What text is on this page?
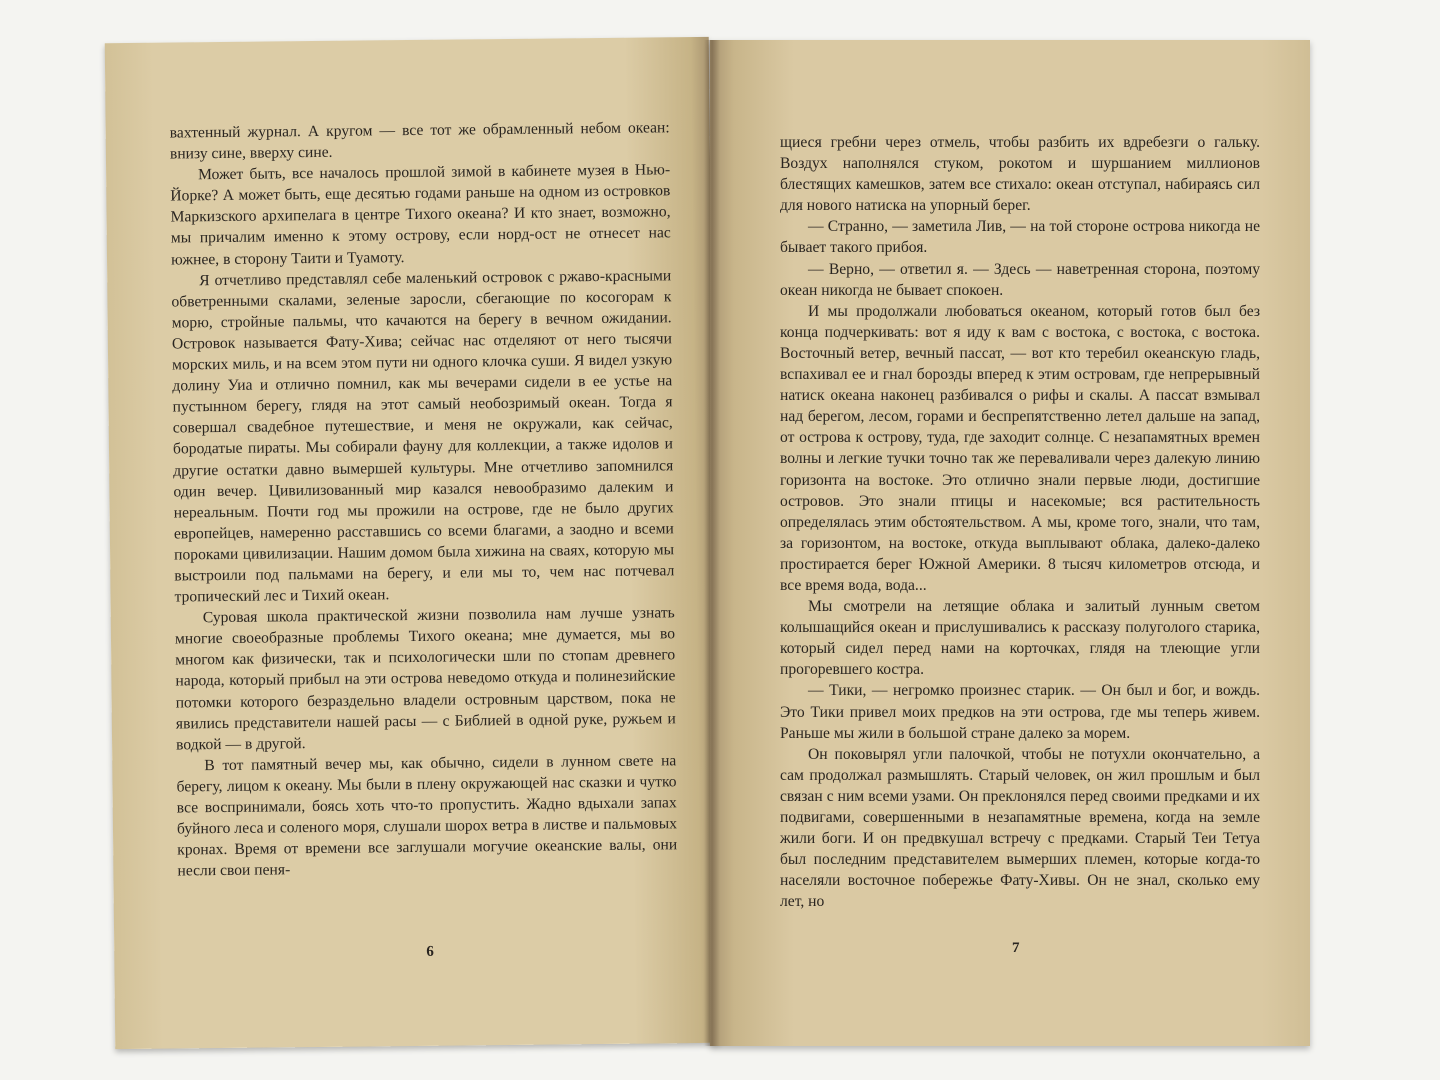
вахтенный журнал. А кругом — все тот же обрамленный небом океан: внизу сине, вверху сине.

Может быть, все началось прошлой зимой в кабинете музея в Нью-Йорке? А может быть, еще десятью годами раньше на одном из островков Маркизского архипелага в центре Тихого океана? И кто знает, возможно, мы причалим именно к этому острову, если норд-ост не отнесет нас южнее, в сторону Таити и Туамоту.

Я отчетливо представлял себе маленький островок с ржаво-красными обветренными скалами, зеленые заросли, сбегающие по косогорам к морю, стройные пальмы, что качаются на берегу в вечном ожидании. Островок называется Фату-Хива; сейчас нас отделяют от него тысячи морских миль, и на всем этом пути ни одного клочка суши. Я видел узкую долину Уиа и отлично помнил, как мы вечерами сидели в ее устье на пустынном берегу, глядя на этот самый необозримый океан. Тогда я совершал свадебное путешествие, и меня не окружали, как сейчас, бородатые пираты. Мы собирали фауну для коллекции, а также идолов и другие остатки давно вымершей культуры. Мне отчетливо запомнился один вечер. Цивилизованный мир казался невообразимо далеким и нереальным. Почти год мы прожили на острове, где не было других европейцев, намеренно расставшись со всеми благами, а заодно и всеми пороками цивилизации. Нашим домом была хижина на сваях, которую мы выстроили под пальмами на берегу, и ели мы то, чем нас потчевал тропический лес и Тихий океан.

Суровая школа практической жизни позволила нам лучше узнать многие своеобразные проблемы Тихого океана; мне думается, мы во многом как физически, так и психологически шли по стопам древнего народа, который прибыл на эти острова неведомо откуда и полинезийские потомки которого безраздельно владели островным царством, пока не явились представители нашей расы — с Библией в одной руке, ружьем и водкой — в другой.

В тот памятный вечер мы, как обычно, сидели в лунном свете на берегу, лицом к океану. Мы были в плену окружающей нас сказки и чутко все воспринимали, боясь хоть что-то пропустить. Жадно вдыхали запах буйного леса и соленого моря, слушали шорох ветра в листве и пальмовых кронах. Время от времени все заглушали могучие океанские валы, они несли свои пеня-

6

щиеся гребни через отмель, чтобы разбить их вдребезги о гальку. Воздух наполнялся стуком, рокотом и шуршанием миллионов блестящих камешков, затем все стихало: океан отступал, набираясь сил для нового натиска на упорный берег.

— Странно, — заметила Лив, — на той стороне острова никогда не бывает такого прибоя.

— Верно, — ответил я. — Здесь — наветренная сторона, поэтому океан никогда не бывает спокоен.

И мы продолжали любоваться океаном, который готов был без конца подчеркивать: вот я иду к вам с востока, с востока, с востока. Восточный ветер, вечный пассат, — вот кто теребил океанскую гладь, вспахивал ее и гнал борозды вперед к этим островам, где непрерывный натиск океана наконец разбивался о рифы и скалы. А пассат взмывал над берегом, лесом, горами и беспрепятственно летел дальше на запад, от острова к острову, туда, где заходит солнце. С незапамятных времен волны и легкие тучки точно так же переваливали через далекую линию горизонта на востоке. Это отлично знали первые люди, достигшие островов. Это знали птицы и насекомые; вся растительность определялась этим обстоятельством. А мы, кроме того, знали, что там, за горизонтом, на востоке, откуда выплывают облака, далеко-далеко простирается берег Южной Америки. 8 тысяч километров отсюда, и все время вода, вода...

Мы смотрели на летящие облака и залитый лунным светом колышащийся океан и прислушивались к рассказу полуголого старика, который сидел перед нами на корточках, глядя на тлеющие угли прогоревшего костра.

— Тики, — негромко произнес старик. — Он был и бог, и вождь. Это Тики привел моих предков на эти острова, где мы теперь живем. Раньше мы жили в большой стране далеко за морем.

Он поковырял угли палочкой, чтобы не потухли окончательно, а сам продолжал размышлять. Старый человек, он жил прошлым и был связан с ним всеми узами. Он преклонялся перед своими предками и их подвигами, совершенными в незапамятные времена, когда на земле жили боги. И он предвкушал встречу с предками. Старый Теи Тетуа был последним представителем вымерших племен, которые когда-то населяли восточное побережье Фату-Хивы. Он не знал, сколько ему лет, но

7
